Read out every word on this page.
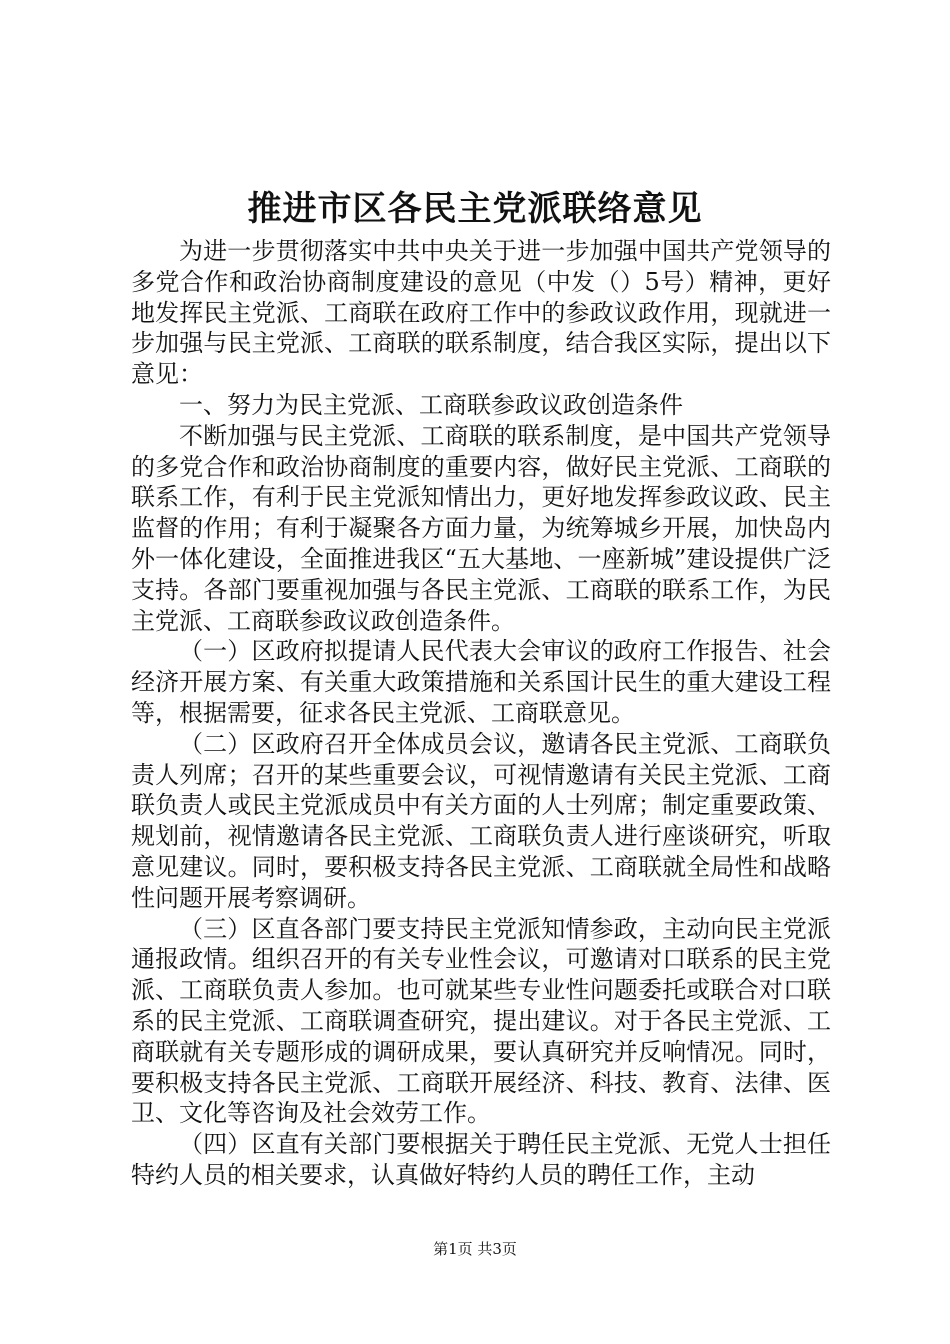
推进市区各民主党派联络意见

为进一步贯彻落实中共中央关于进一步加强中国共产党领导的多党合作和政治协商制度建设的意见（中发（）5号）精神，更好地发挥民主党派、工商联在政府工作中的参政议政作用，现就进一步加强与民主党派、工商联的联系制度，结合我区实际，提出以下意见：

一、努力为民主党派、工商联参政议政创造条件

不断加强与民主党派、工商联的联系制度，是中国共产党领导的多党合作和政治协商制度的重要内容，做好民主党派、工商联的联系工作，有利于民主党派知情出力，更好地发挥参政议政、民主监督的作用；有利于凝聚各方面力量，为统筹城乡开展，加快岛内外一体化建设，全面推进我区“五大基地、一座新城”建设提供广泛支持。各部门要重视加强与各民主党派、工商联的联系工作，为民主党派、工商联参政议政创造条件。

（一）区政府拟提请人民代表大会审议的政府工作报告、社会经济开展方案、有关重大政策措施和关系国计民生的重大建设工程等，根据需要，征求各民主党派、工商联意见。

（二）区政府召开全体成员会议，邀请各民主党派、工商联负责人列席；召开的某些重要会议，可视情邀请有关民主党派、工商联负责人或民主党派成员中有关方面的人士列席；制定重要政策、规划前，视情邀请各民主党派、工商联负责人进行座谈研究，听取意见建议。同时，要积极支持各民主党派、工商联就全局性和战略性问题开展考察调研。

（三）区直各部门要支持民主党派知情参政，主动向民主党派通报政情。组织召开的有关专业性会议，可邀请对口联系的民主党派、工商联负责人参加。也可就某些专业性问题委托或联合对口联系的民主党派、工商联调查研究，提出建议。对于各民主党派、工商联就有关专题形成的调研成果，要认真研究并反响情况。同时，要积极支持各民主党派、工商联开展经济、科技、教育、法律、医卫、文化等咨询及社会效劳工作。

（四）区直有关部门要根据关于聘任民主党派、无党人士担任特约人员的相关要求，认真做好特约人员的聘任工作，主动

第1页 共3页
